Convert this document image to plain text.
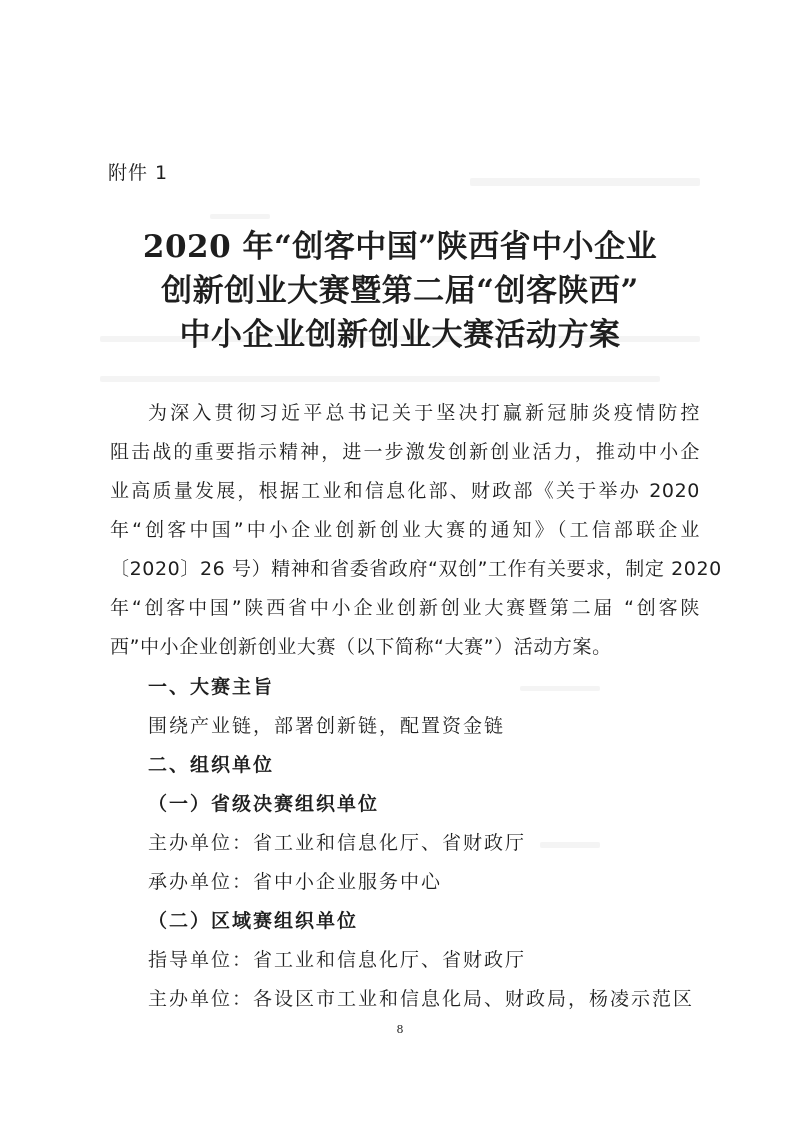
附件 1
2020 年“创客中国”陕西省中小企业
创新创业大赛暨第二届“创客陕西”
中小企业创新创业大赛活动方案
为深入贯彻习近平总书记关于坚决打赢新冠肺炎疫情防控
阻击战的重要指示精神，进一步激发创新创业活力，推动中小企
业高质量发展，根据工业和信息化部、财政部《关于举办 2020
年“创客中国”中小企业创新创业大赛的通知》（工信部联企业
〔2020〕26 号）精神和省委省政府“双创”工作有关要求，制定 2020
年“创客中国”陕西省中小企业创新创业大赛暨第二届 “创客陕
西”中小企业创新创业大赛（以下简称“大赛”）活动方案。
一、大赛主旨
围绕产业链，部署创新链，配置资金链
二、组织单位
（一）省级决赛组织单位
主办单位：省工业和信息化厅、省财政厅
承办单位：省中小企业服务中心
（二）区域赛组织单位
指导单位：省工业和信息化厅、省财政厅
主办单位：各设区市工业和信息化局、财政局，杨凌示范区
8
